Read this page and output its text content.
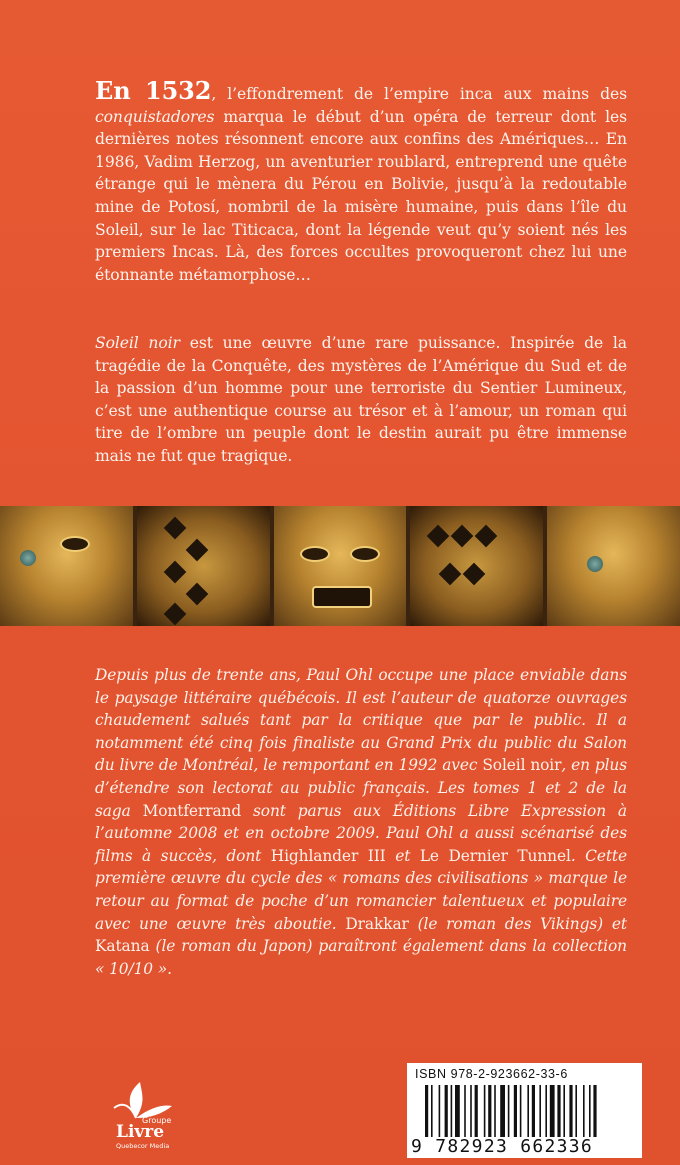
En 1532, l’effondrement de l’empire inca aux mains des conquistadores marqua le début d’un opéra de terreur dont les dernières notes résonnent encore aux confins des Amériques… En 1986, Vadim Herzog, un aventurier roublard, entreprend une quête étrange qui le mènera du Pérou en Bolivie, jusqu’à la redoutable mine de Potosí, nombril de la misère humaine, puis dans l’île du Soleil, sur le lac Titicaca, dont la légende veut qu’y soient nés les premiers Incas. Là, des forces occultes provoqueront chez lui une étonnante métamorphose…

Soleil noir est une œuvre d’une rare puissance. Inspirée de la tragédie de la Conquête, des mystères de l’Amérique du Sud et de la passion d’un homme pour une terroriste du Sentier Lumineux, c’est une authentique course au trésor et à l’amour, un roman qui tire de l’ombre un peuple dont le destin aurait pu être immense mais ne fut que tragique.

Depuis plus de trente ans, Paul Ohl occupe une place enviable dans le paysage littéraire québécois. Il est l’auteur de quatorze ouvrages chaudement salués tant par la critique que par le public. Il a notamment été cinq fois finaliste au Grand Prix du public du Salon du livre de Montréal, le remportant en 1992 avec Soleil noir, en plus d’étendre son lectorat au public français. Les tomes 1 et 2 de la saga Montferrand sont parus aux Éditions Libre Expression à l’automne 2008 et en octobre 2009. Paul Ohl a aussi scénarisé des films à succès, dont Highlander III et Le Dernier Tunnel. Cette première œuvre du cycle des « romans des civilisations » marque le retour au format de poche d’un romancier talentueux et populaire avec une œuvre très aboutie. Drakkar (le roman des Vikings) et Katana (le roman du Japon) paraîtront également dans la collection « 10/10 ».

Groupe
Livre
Quebecor Media
ISBN 978-2-923662-33-6
9 782923 662336
